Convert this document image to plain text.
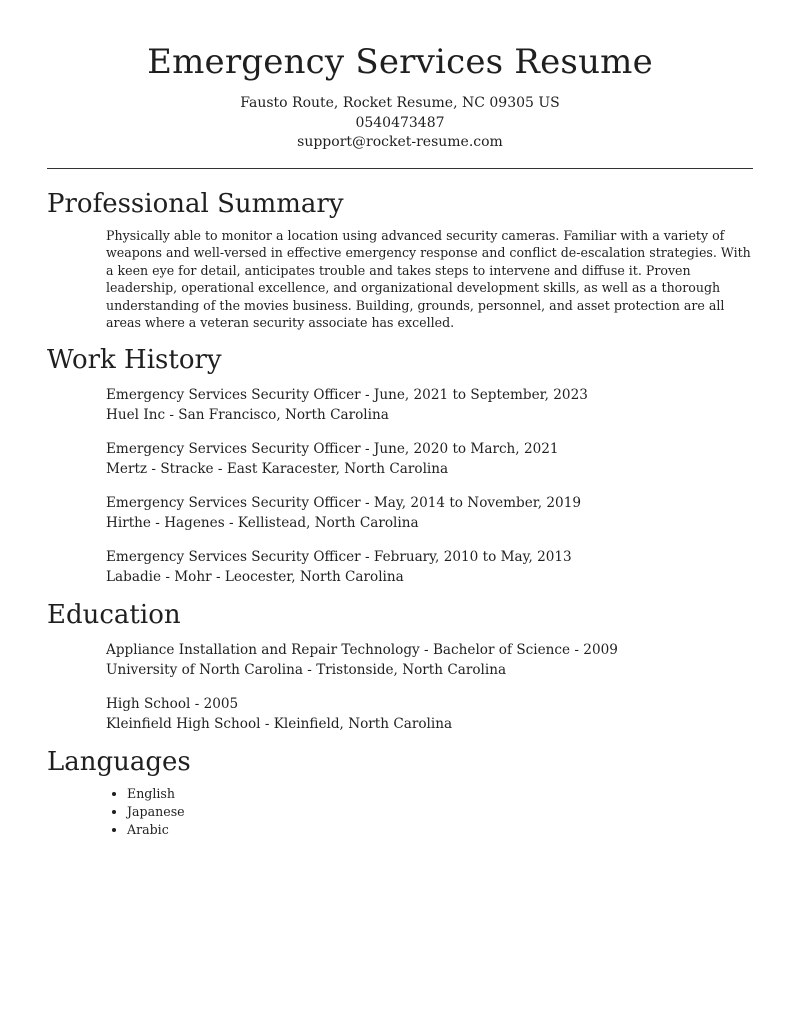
Emergency Services Resume
Fausto Route, Rocket Resume, NC 09305 US
0540473487
support@rocket-resume.com
Professional Summary

Physically able to monitor a location using advanced security cameras. Familiar with a variety of weapons and well-versed in effective emergency response and conflict de-escalation strategies. With a keen eye for detail, anticipates trouble and takes steps to intervene and diffuse it. Proven leadership, operational excellence, and organizational development skills, as well as a thorough understanding of the movies business. Building, grounds, personnel, and asset protection are all areas where a veteran security associate has excelled.

Work History
Emergency Services Security Officer - June, 2021 to September, 2023
Huel Inc - San Francisco, North Carolina
Emergency Services Security Officer - June, 2020 to March, 2021
Mertz - Stracke - East Karacester, North Carolina
Emergency Services Security Officer - May, 2014 to November, 2019
Hirthe - Hagenes - Kellistead, North Carolina
Emergency Services Security Officer - February, 2010 to May, 2013
Labadie - Mohr - Leocester, North Carolina
Education
Appliance Installation and Repair Technology - Bachelor of Science - 2009
University of North Carolina - Tristonside, North Carolina
High School - 2005
Kleinfield High School - Kleinfield, North Carolina
Languages
• English
• Japanese
• Arabic
